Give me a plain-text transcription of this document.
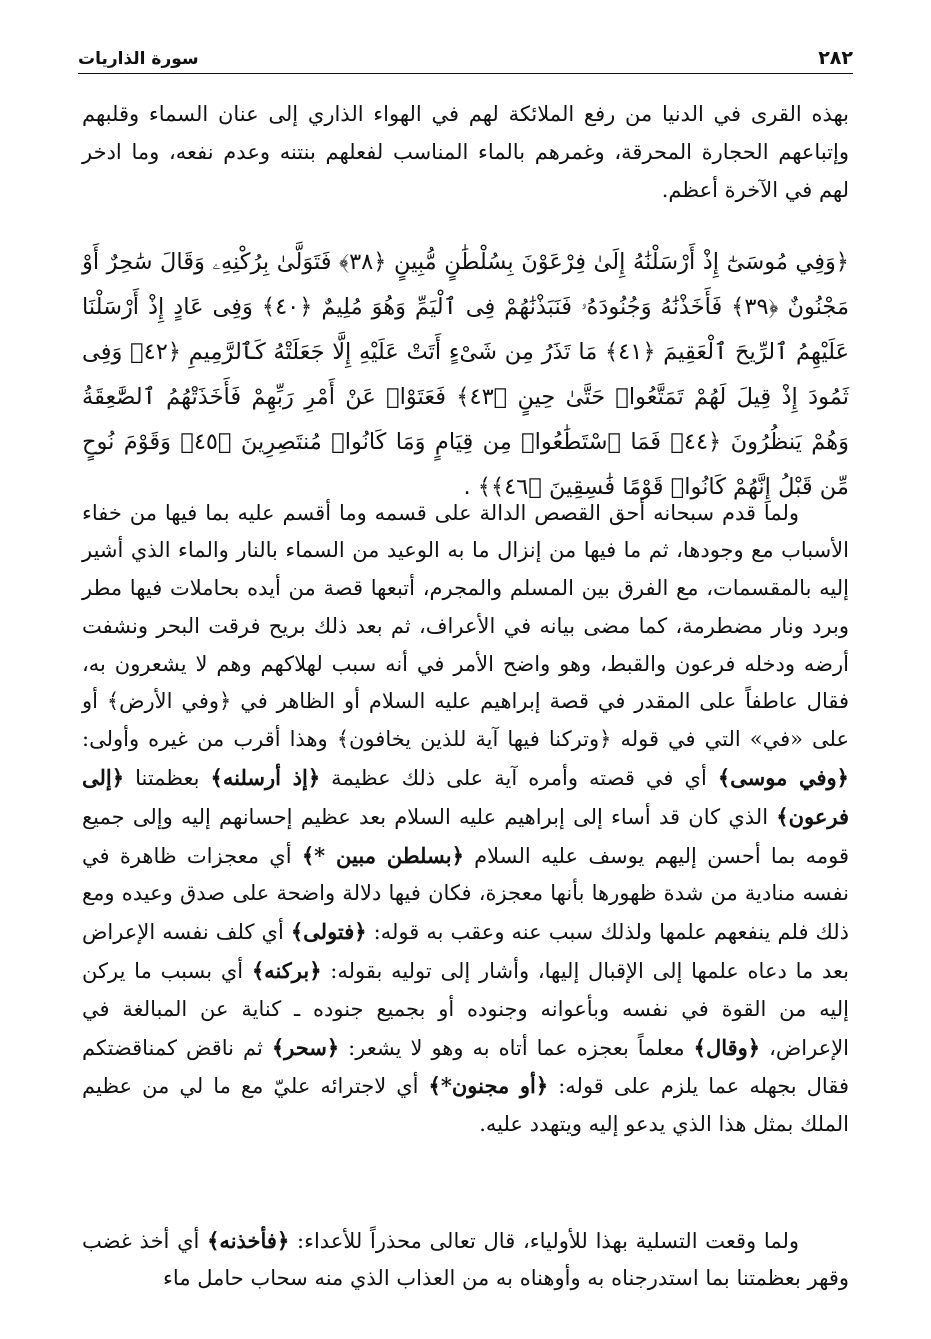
٢٨٢
سورة الذاريات

بهذه القرى في الدنيا من رفع الملائكة لهم في الهواء الذاري إلى عنان السماء وقلبهم وإتباعهم الحجارة المحرقة، وغمرهم بالماء المناسب لفعلهم بنتنه وعدم نفعه، وما ادخر لهم في الآخرة أعظم.

﴿وَفِي مُوسَىٰٓ إِذْ أَرْسَلْنَٰهُ إِلَىٰ فِرْعَوْنَ بِسُلْطَٰنٍ مُّبِينٍ ﴿٣٨﴾ فَتَوَلَّىٰ بِرُكْنِهِۦ وَقَالَ سَٰحِرٌ أَوْ مَجْنُونٌ ﴿٣٩﴾ فَأَخَذْنَٰهُ وَجُنُودَهُۥ فَنَبَذْنَٰهُمْ فِى ٱلْيَمِّ وَهُوَ مُلِيمٌ ﴿٤٠﴾ وَفِى عَادٍ إِذْ أَرْسَلْنَا عَلَيْهِمُ ٱلرِّيحَ ٱلْعَقِيمَ ﴿٤١﴾ مَا تَذَرُ مِن شَىْءٍ أَتَتْ عَلَيْهِ إِلَّا جَعَلَتْهُ كَٱلرَّمِيمِ ﴿٤٢﴾ وَفِى ثَمُودَ إِذْ قِيلَ لَهُمْ تَمَتَّعُوا۟ حَتَّىٰ حِينٍ ﴿٤٣﴾ فَعَتَوْا۟ عَنْ أَمْرِ رَبِّهِمْ فَأَخَذَتْهُمُ ٱلصَّٰعِقَةُ وَهُمْ يَنظُرُونَ ﴿٤٤﴾ فَمَا ٱسْتَطَٰعُوا۟ مِن قِيَامٍ وَمَا كَانُوا۟ مُنتَصِرِينَ ﴿٤٥﴾ وَقَوْمَ نُوحٍ مِّن قَبْلُ إِنَّهُمْ كَانُوا۟ قَوْمًا فَٰسِقِينَ ﴿٤٦﴾﴾ .

ولما قدم سبحانه أحق القصص الدالة على قسمه وما أقسم عليه بما فيها من خفاء الأسباب مع وجودها، ثم ما فيها من إنزال ما به الوعيد من السماء بالنار والماء الذي أشير إليه بالمقسمات، مع الفرق بين المسلم والمجرم، أتبعها قصة من أيده بحاملات فيها مطر وبرد ونار مضطرمة، كما مضى بيانه في الأعراف، ثم بعد ذلك بريح فرقت البحر ونشفت أرضه ودخله فرعون والقبط، وهو واضح الأمر في أنه سبب لهلاكهم وهم لا يشعرون به، فقال عاطفاً على المقدر في قصة إبراهيم عليه السلام أو الظاهر في ﴿وفي الأرض﴾ أو على «في» التي في قوله ﴿وتركنا فيها آية للذين يخافون﴾ وهذا أقرب من غيره وأولى: ﴿وفي موسى﴾ أي في قصته وأمره آية على ذلك عظيمة ﴿إذ أرسلنه﴾ بعظمتنا ﴿إلى فرعون﴾ الذي كان قد أساء إلى إبراهيم عليه السلام بعد عظيم إحسانهم إليه وإلى جميع قومه بما أحسن إليهم يوسف عليه السلام ﴿بسلطن مبين *﴾ أي معجزات ظاهرة في نفسه منادية من شدة ظهورها بأنها معجزة، فكان فيها دلالة واضحة على صدق وعيده ومع ذلك فلم ينفعهم علمها ولذلك سبب عنه وعقب به قوله: ﴿فتولى﴾ أي كلف نفسه الإعراض بعد ما دعاه علمها إلى الإقبال إليها، وأشار إلى توليه بقوله: ﴿بركنه﴾ أي بسبب ما يركن إليه من القوة في نفسه وبأعوانه وجنوده أو بجميع جنوده ـ كناية عن المبالغة في الإعراض، ﴿وقال﴾ معلماً بعجزه عما أتاه به وهو لا يشعر: ﴿سحر﴾ ثم ناقض كمناقضتكم فقال بجهله عما يلزم على قوله: ﴿أو مجنون*﴾ أي لاجترائه عليّ مع ما لي من عظيم الملك بمثل هذا الذي يدعو إليه ويتهدد عليه.

ولما وقعت التسلية بهذا للأولياء، قال تعالى محذراً للأعداء: ﴿فأخذنه﴾ أي أخذ غضب وقهر بعظمتنا بما استدرجناه به وأوهناه به من العذاب الذي منه سحاب حامل ماء
